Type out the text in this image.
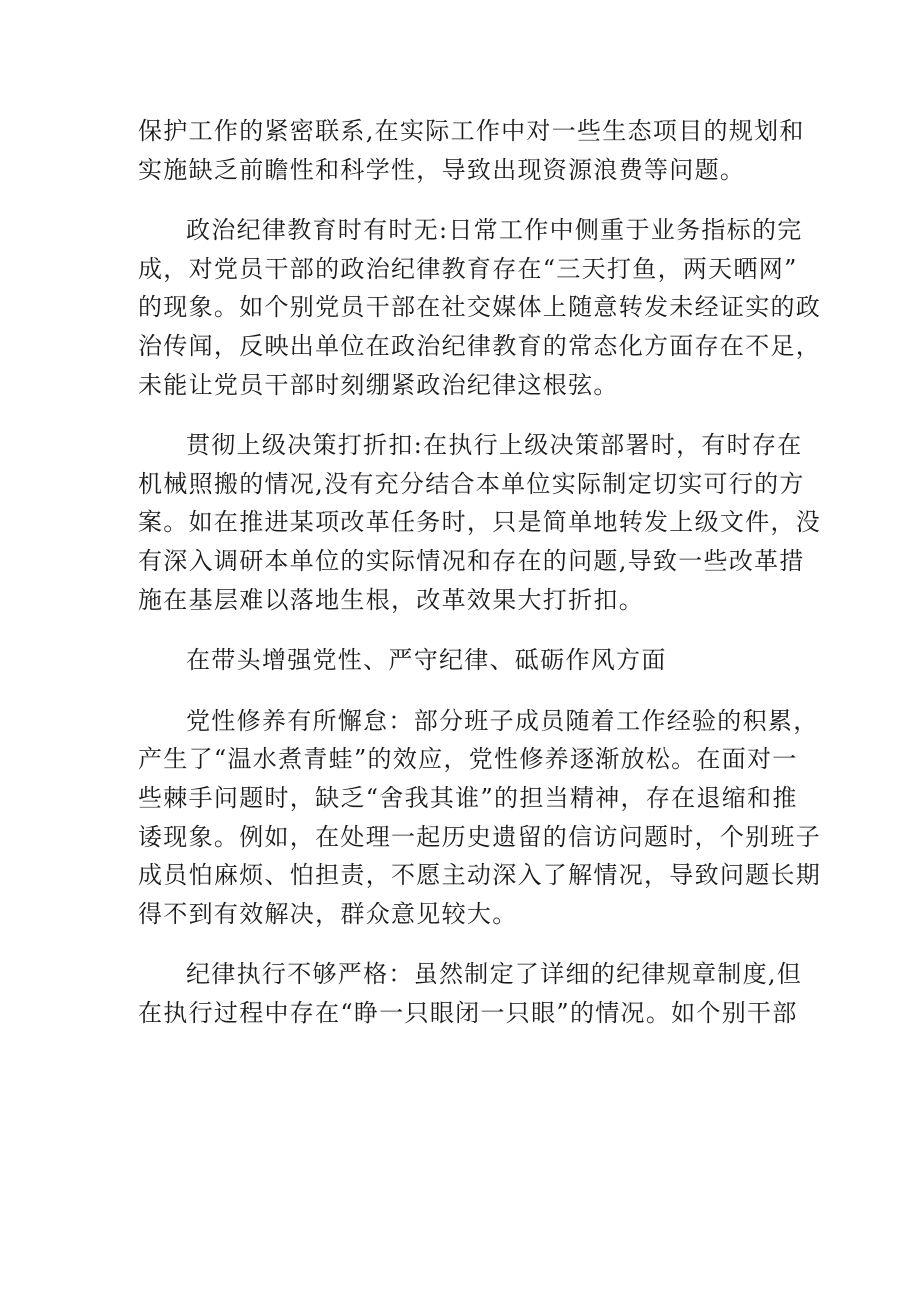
保护工作的紧密联系,在实际工作中对一些生态项目的规划和
实施缺乏前瞻性和科学性，导致出现资源浪费等问题。

政治纪律教育时有时无:日常工作中侧重于业务指标的完
成，对党员干部的政治纪律教育存在“三天打鱼，两天晒网”
的现象。如个别党员干部在社交媒体上随意转发未经证实的政
治传闻，反映出单位在政治纪律教育的常态化方面存在不足，
未能让党员干部时刻绷紧政治纪律这根弦。

贯彻上级决策打折扣:在执行上级决策部署时，有时存在
机械照搬的情况,没有充分结合本单位实际制定切实可行的方
案。如在推进某项改革任务时，只是简单地转发上级文件，没
有深入调研本单位的实际情况和存在的问题,导致一些改革措
施在基层难以落地生根，改革效果大打折扣。

在带头增强党性、严守纪律、砥砺作风方面

党性修养有所懈怠：部分班子成员随着工作经验的积累，
产生了“温水煮青蛙”的效应，党性修养逐渐放松。在面对一
些棘手问题时，缺乏“舍我其谁”的担当精神，存在退缩和推
诿现象。例如，在处理一起历史遗留的信访问题时，个别班子
成员怕麻烦、怕担责，不愿主动深入了解情况，导致问题长期
得不到有效解决，群众意见较大。

纪律执行不够严格：虽然制定了详细的纪律规章制度,但
在执行过程中存在“睁一只眼闭一只眼”的情况。如个别干部
